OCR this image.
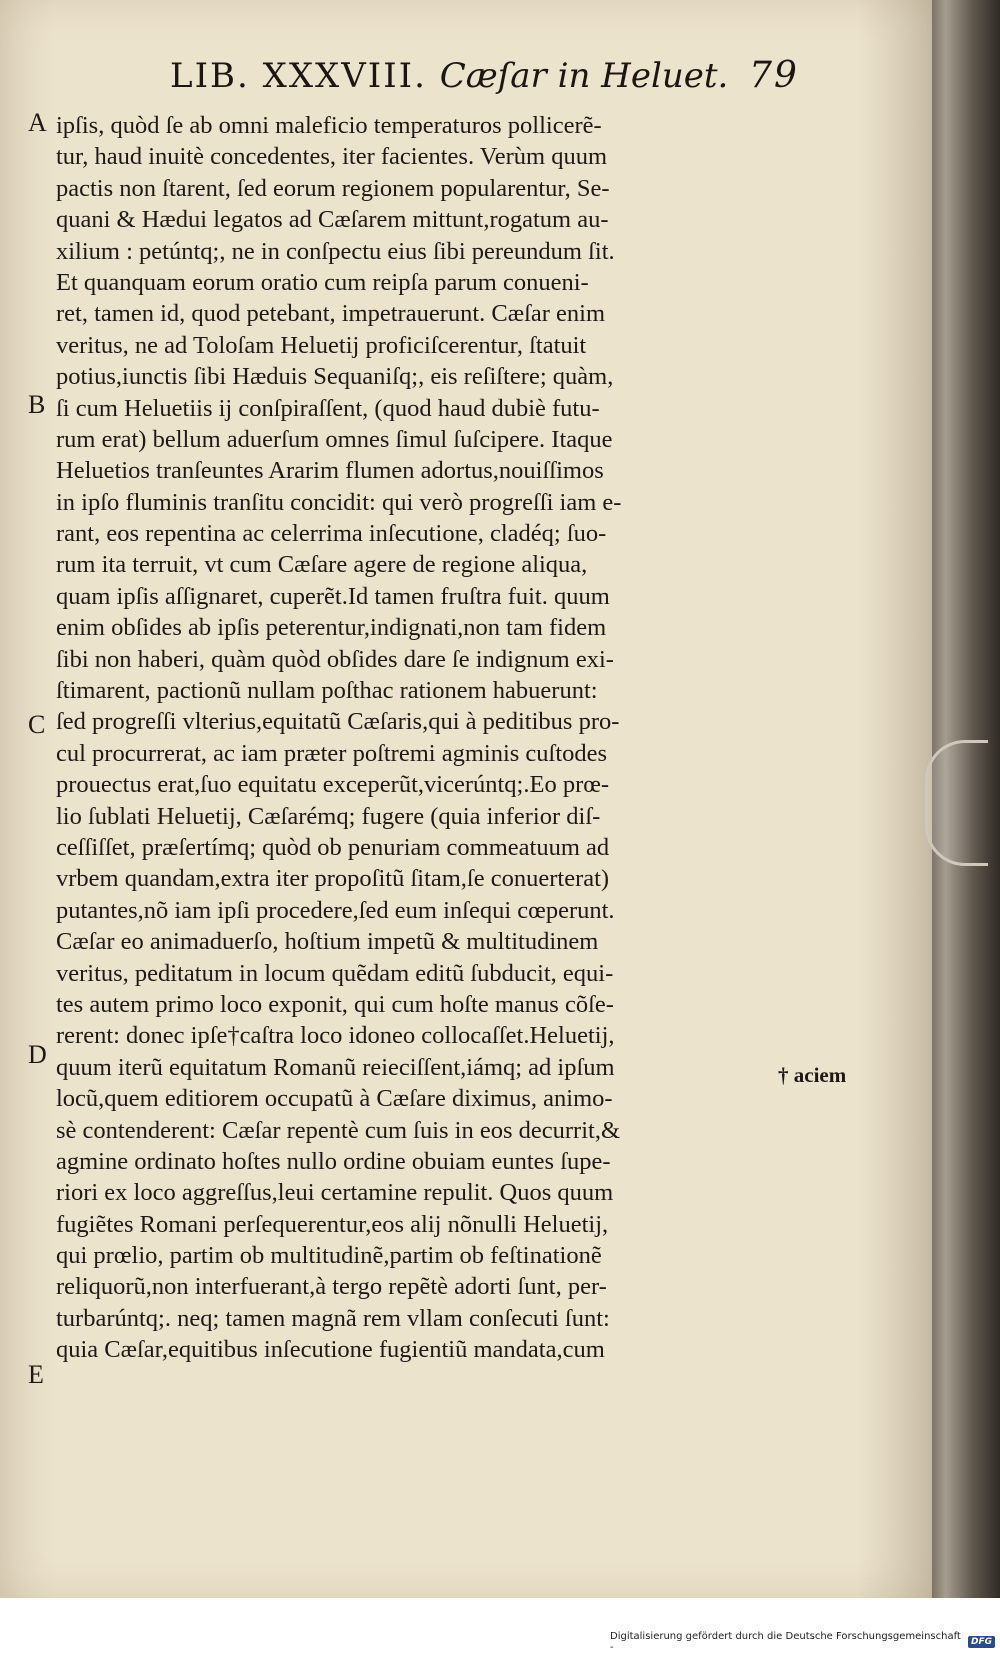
LIB. XXXVIII. Cæſar in Heluet. 79
A
B
C
D
E
ipſis, quòd ſe ab omni maleficio temperaturos pollicerẽ-
tur, haud inuitè concedentes, iter facientes. Verùm quum
pactis non ſtarent, ſed eorum regionem popularentur, Se-
quani & Hædui legatos ad Cæſarem mittunt,rogatum au-
xilium : petúntq;, ne in conſpectu eius ſibi pereundum ſit.
Et quanquam eorum oratio cum reipſa parum conueni-
ret, tamen id, quod petebant, impetrauerunt. Cæſar enim
veritus, ne ad Toloſam Heluetij proficiſcerentur, ſtatuit
potius,iunctis ſibi Hæduis Sequaniſq;, eis reſiſtere; quàm,
ſi cum Heluetiis ij conſpiraſſent, (quod haud dubiè futu-
rum erat) bellum aduerſum omnes ſimul ſuſcipere. Itaque
Heluetios tranſeuntes Ararim flumen adortus,nouiſſimos
in ipſo fluminis tranſitu concidit: qui verò progreſſi iam e-
rant, eos repentina ac celerrima inſecutione, cladéq; ſuo-
rum ita terruit, vt cum Cæſare agere de regione aliqua,
quam ipſis aſſignaret, cuperẽt.Id tamen fruſtra fuit. quum
enim obſides ab ipſis peterentur,indignati,non tam fidem
ſibi non haberi, quàm quòd obſides dare ſe indignum exi-
ſtimarent, pactionũ nullam poſthac rationem habuerunt:
ſed progreſſi vlterius,equitatũ Cæſaris,qui à peditibus pro-
cul procurrerat, ac iam præter poſtremi agminis cuſtodes
prouectus erat,ſuo equitatu exceperũt,vicerúntq;.Eo prœ-
lio ſublati Heluetij, Cæſarémq; fugere (quia inferior diſ-
ceſſiſſet, præſertímq; quòd ob penuriam commeatuum ad
vrbem quandam,extra iter propoſitũ ſitam,ſe conuerterat)
putantes,nõ iam ipſi procedere,ſed eum inſequi cœperunt.
Cæſar eo animaduerſo, hoſtium impetũ & multitudinem
veritus, peditatum in locum quẽdam editũ ſubducit, equi-
tes autem primo loco exponit, qui cum hoſte manus cõſe-
rerent: donec ipſe†caſtra loco idoneo collocaſſet.Heluetij,
quum iterũ equitatum Romanũ reieciſſent,iámq; ad ipſum
locũ,quem editiorem occupatũ à Cæſare diximus, animo-
sè contenderent: Cæſar repentè cum ſuis in eos decurrit,&
agmine ordinato hoſtes nullo ordine obuiam euntes ſupe-
riori ex loco aggreſſus,leui certamine repulit. Quos quum
fugiẽtes Romani perſequerentur,eos alij nõnulli Heluetij,
qui prœlio, partim ob multitudinẽ,partim ob feſtinationẽ
reliquorũ,non interfuerant,à tergo repẽtè adorti ſunt, per-
turbarúntq;. neq; tamen magnã rem vllam conſecuti ſunt:
quia Cæſar,equitibus inſecutione fugientiũ mandata,cum
† aciem
Digitalisierung gefördert durch die Deutsche Forschungsgemeinschaft -	DFG
